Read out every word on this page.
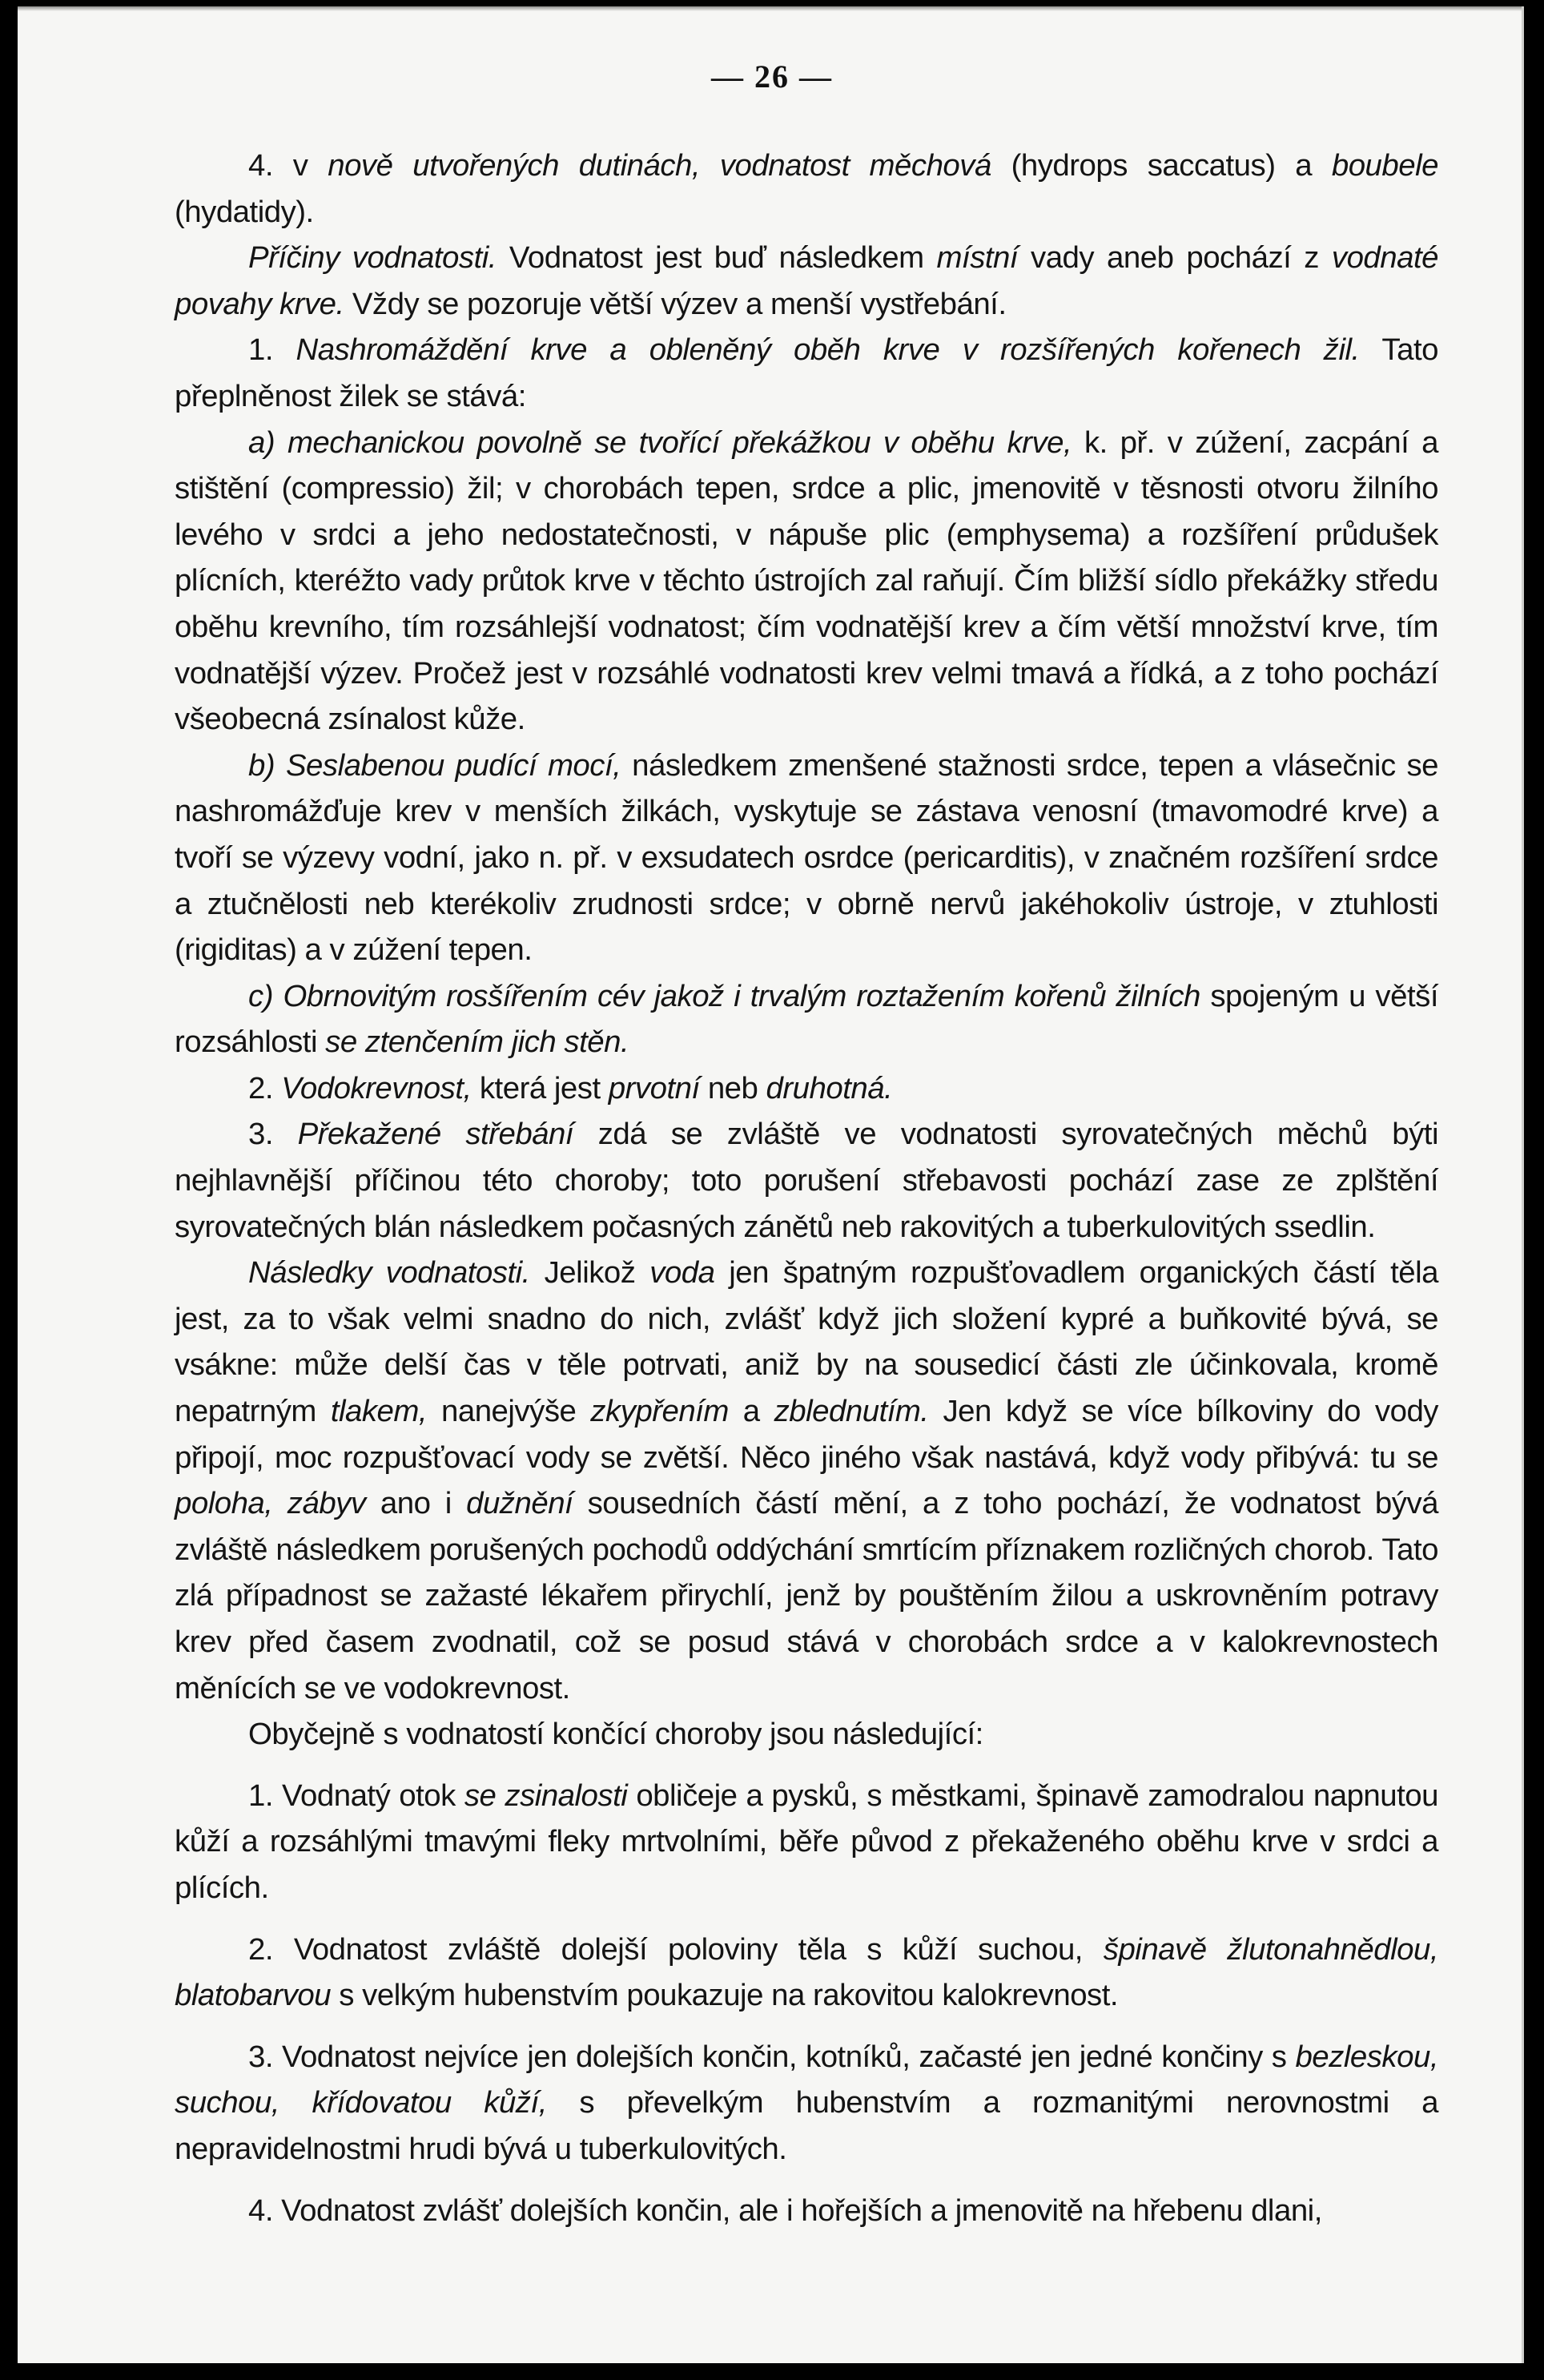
— 26 —

4. v nově utvořených dutinách, vodnatost měchová (hydrops saccatus) a boubele (hydatidy).

Příčiny vodnatosti. Vodnatost jest buď následkem místní vady aneb pochází z vodnaté povahy krve. Vždy se pozoruje větší výzev a menší vystřebání.

1. Nashromáždění krve a obleněný oběh krve v rozšířených kořenech žil. Tato přeplněnost žilek se stává:

a) mechanickou povolně se tvořící překážkou v oběhu krve, k. př. v zúžení, zacpání a stištění (compressio) žil; v chorobách tepen, srdce a plic, jmenovitě v těsnosti otvoru žilního levého v srdci a jeho nedostatečnosti, v nápuše plic (emphysema) a rozšíření průdušek plícních, kteréžto vady průtok krve v těchto ústrojích zal raňují. Čím bližší sídlo překážky středu oběhu krevního, tím rozsáhlejší vodnatost; čím vodnatější krev a čím větší množství krve, tím vodnatější výzev. Pročež jest v rozsáhlé vodnatosti krev velmi tmavá a řídká, a z toho pochází všeobecná zsínalost kůže.

b) Seslabenou pudící mocí, následkem zmenšené stažnosti srdce, tepen a vlásečnic se nashromážďuje krev v menších žilkách, vyskytuje se zástava venosní (tmavomodré krve) a tvoří se výzevy vodní, jako n. př. v exsudatech osrdce (pericarditis), v značném rozšíření srdce a ztučnělosti neb kterékoliv zrudnosti srdce; v obrně nervů jakéhokoliv ústroje, v ztuhlosti (rigiditas) a v zúžení tepen.

c) Obrnovitým rosšířením cév jakož i trvalým roztažením kořenů žilních spojeným u větší rozsáhlosti se ztenčením jich stěn.

2. Vodokrevnost, která jest prvotní neb druhotná.

3. Překažené střebání zdá se zvláště ve vodnatosti syrovatečných měchů býti nejhlavnější příčinou této choroby; toto porušení střebavosti pochází zase ze zplštění syrovatečných blán následkem počasných zánětů neb rakovitých a tuberkulovitých ssedlin.

Následky vodnatosti. Jelikož voda jen špatným rozpušťovadlem organických částí těla jest, za to však velmi snadno do nich, zvlášť když jich složení kypré a buňkovité bývá, se vsákne: může delší čas v těle potrvati, aniž by na sousedicí části zle účinkovala, kromě nepatrným tlakem, nanejvýše zkypřením a zblednutím. Jen když se více bílkoviny do vody připojí, moc rozpušťovací vody se zvětší. Něco jiného však nastává, když vody přibývá: tu se poloha, zábyv ano i dužnění sousedních částí mění, a z toho pochází, že vodnatost bývá zvláště následkem porušených pochodů oddýchání smrtícím příznakem rozličných chorob. Tato zlá případnost se zažasté lékařem přirychlí, jenž by pouštěním žilou a uskrovněním potravy krev před časem zvodnatil, což se posud stává v chorobách srdce a v kalokrevnostech měnících se ve vodokrevnost.

Obyčejně s vodnatostí končící choroby jsou následující:

1. Vodnatý otok se zsinalosti obličeje a pysků, s městkami, špinavě zamodralou napnutou kůží a rozsáhlými tmavými fleky mrtvolními, běře původ z překaženého oběhu krve v srdci a plících.

2. Vodnatost zvláště dolejší poloviny těla s kůží suchou, špinavě žlutonahnědlou, blatobarvou s velkým hubenstvím poukazuje na rakovitou kalokrevnost.

3. Vodnatost nejvíce jen dolejších končin, kotníků, začasté jen jedné končiny s bezleskou, suchou, křídovatou kůží, s převelkým hubenstvím a rozmanitými nerovnostmi a nepravidelnostmi hrudi bývá u tuberkulovitých.

4. Vodnatost zvlášť dolejších končin, ale i hořejších a jmenovitě na hřebenu dlani,
